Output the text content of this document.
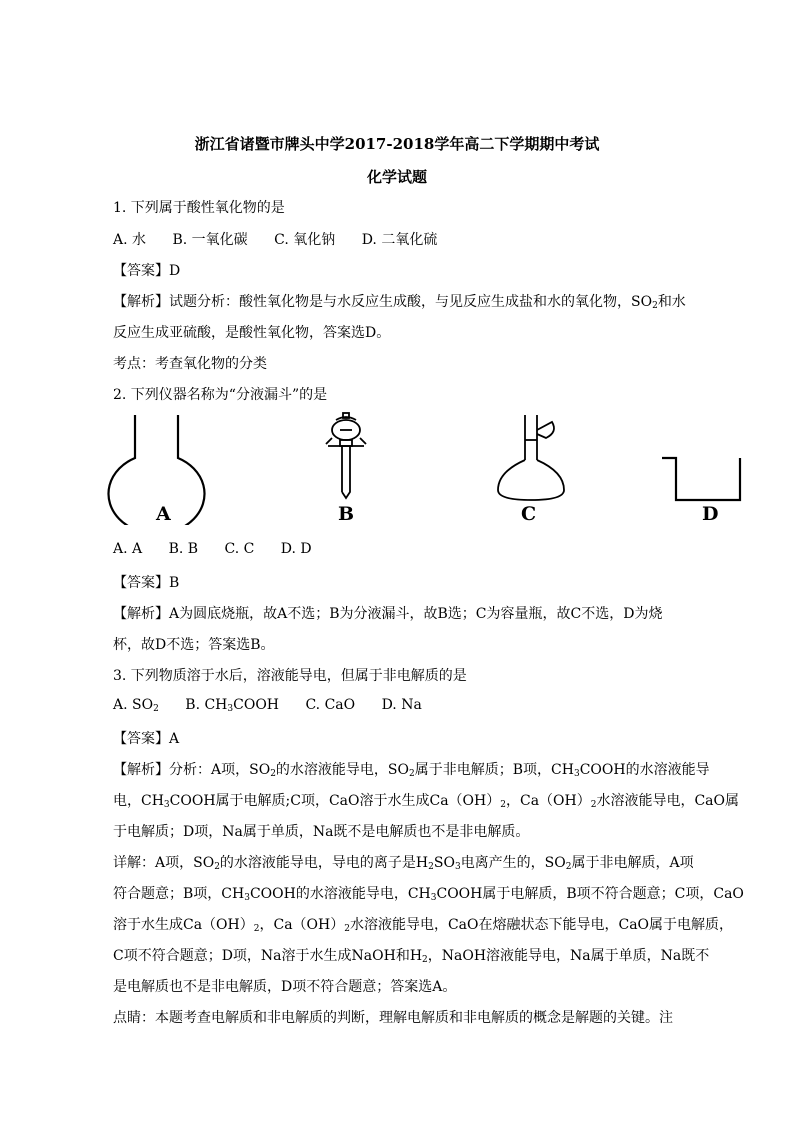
浙江省诸暨市牌头中学2017-2018学年高二下学期期中考试
化学试题
1. 下列属于酸性氧化物的是
A. 水 B. 一氧化碳 C. 氧化钠 D. 二氧化硫
【答案】D
【解析】试题分析：酸性氧化物是与水反应生成酸，与见反应生成盐和水的氧化物，$SO_2$和水
反应生成亚硫酸，是酸性氧化物，答案选D。
考点：考查氧化物的分类
2. 下列仪器名称为“分液漏斗”的是
A	B	C	D
A. A B. B C. C D. D
【答案】B
【解析】A为圆底烧瓶，故A不选；B为分液漏斗，故B选；C为容量瓶，故C不选，D为烧
杯，故D不选；答案选B。
3. 下列物质溶于水后，溶液能导电，但属于非电解质的是
A. $SO_2$ B. $CH_3COOH$ C. CaO D. Na
【答案】A
【解析】分析：A项，$SO_2$的水溶液能导电，$SO_2$属于非电解质；B项，$CH_3COOH$的水溶液能导
电，$CH_3COOH$属于电解质;C项，CaO溶于水生成$Ca(OH)_2$，$Ca(OH)_2$水溶液能导电，CaO属
于电解质；D项，Na属于单质，Na既不是电解质也不是非电解质。
详解：A项，$SO_2$的水溶液能导电，导电的离子是$H_2SO_3$电离产生的，$SO_2$属于非电解质，A项
符合题意；B项，$CH_3COOH$的水溶液能导电，$CH_3COOH$属于电解质，B项不符合题意；C项，CaO
溶于水生成$Ca(OH)_2$，$Ca(OH)_2$水溶液能导电，CaO在熔融状态下能导电，CaO属于电解质，
C项不符合题意；D项，Na溶于水生成NaOH和$H_2$，NaOH溶液能导电，Na属于单质，Na既不
是电解质也不是非电解质，D项不符合题意；答案选A。
点睛：本题考查电解质和非电解质的判断，理解电解质和非电解质的概念是解题的关键。注
